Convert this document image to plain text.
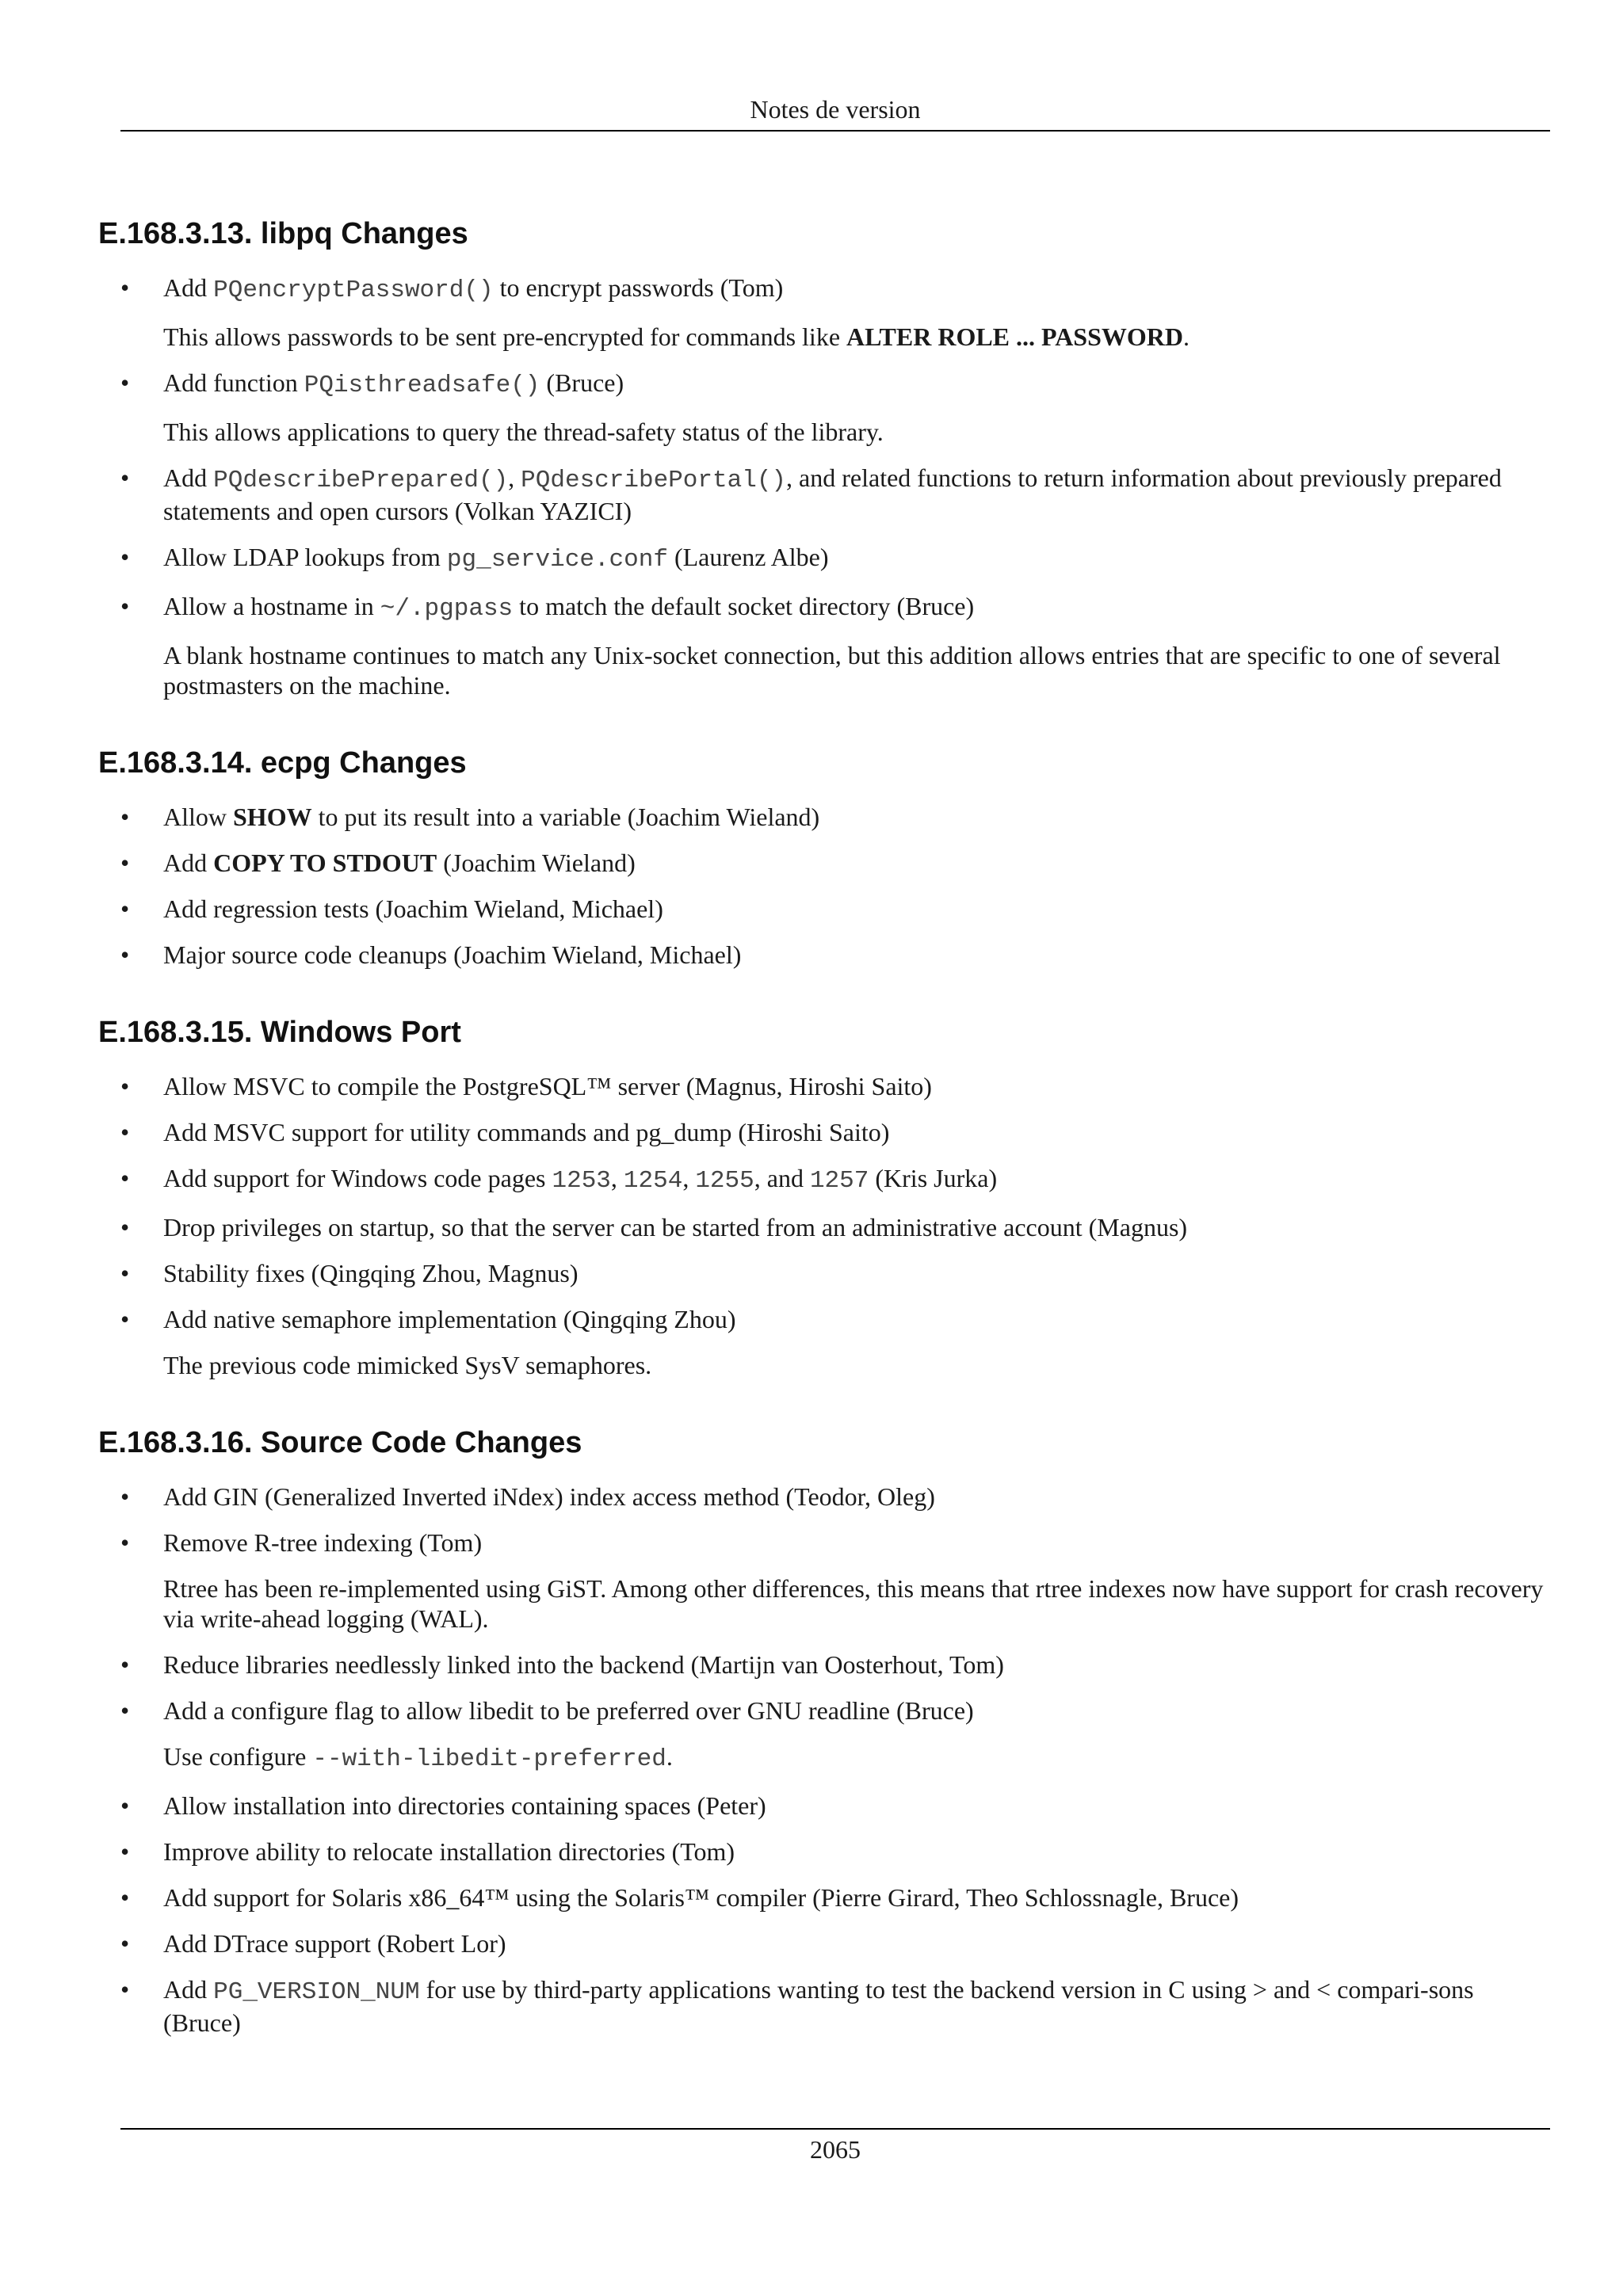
Notes de version
E.168.3.13. libpq Changes
• Add PQencryptPassword() to encrypt passwords (Tom)
This allows passwords to be sent pre-encrypted for commands like ALTER ROLE ... PASSWORD.
• Add function PQisthreadsafe() (Bruce)
This allows applications to query the thread-safety status of the library.
• Add PQdescribePrepared(), PQdescribePortal(), and related functions to return information about previously prepared statements and open cursors (Volkan YAZICI)
• Allow LDAP lookups from pg_service.conf (Laurenz Albe)
• Allow a hostname in ~/.pgpass to match the default socket directory (Bruce)
A blank hostname continues to match any Unix-socket connection, but this addition allows entries that are specific to one of several postmasters on the machine.
E.168.3.14. ecpg Changes
• Allow SHOW to put its result into a variable (Joachim Wieland)
• Add COPY TO STDOUT (Joachim Wieland)
• Add regression tests (Joachim Wieland, Michael)
• Major source code cleanups (Joachim Wieland, Michael)
E.168.3.15. Windows Port
• Allow MSVC to compile the PostgreSQL™ server (Magnus, Hiroshi Saito)
• Add MSVC support for utility commands and pg_dump (Hiroshi Saito)
• Add support for Windows code pages 1253, 1254, 1255, and 1257 (Kris Jurka)
• Drop privileges on startup, so that the server can be started from an administrative account (Magnus)
• Stability fixes (Qingqing Zhou, Magnus)
• Add native semaphore implementation (Qingqing Zhou)
The previous code mimicked SysV semaphores.
E.168.3.16. Source Code Changes
• Add GIN (Generalized Inverted iNdex) index access method (Teodor, Oleg)
• Remove R-tree indexing (Tom)
Rtree has been re-implemented using GiST. Among other differences, this means that rtree indexes now have support for crash recovery via write-ahead logging (WAL).
• Reduce libraries needlessly linked into the backend (Martijn van Oosterhout, Tom)
• Add a configure flag to allow libedit to be preferred over GNU readline (Bruce)
Use configure --with-libedit-preferred.
• Allow installation into directories containing spaces (Peter)
• Improve ability to relocate installation directories (Tom)
• Add support for Solaris x86_64™ using the Solaris™ compiler (Pierre Girard, Theo Schlossnagle, Bruce)
• Add DTrace support (Robert Lor)
• Add PG_VERSION_NUM for use by third-party applications wanting to test the backend version in C using > and < compari-sons (Bruce)
2065
